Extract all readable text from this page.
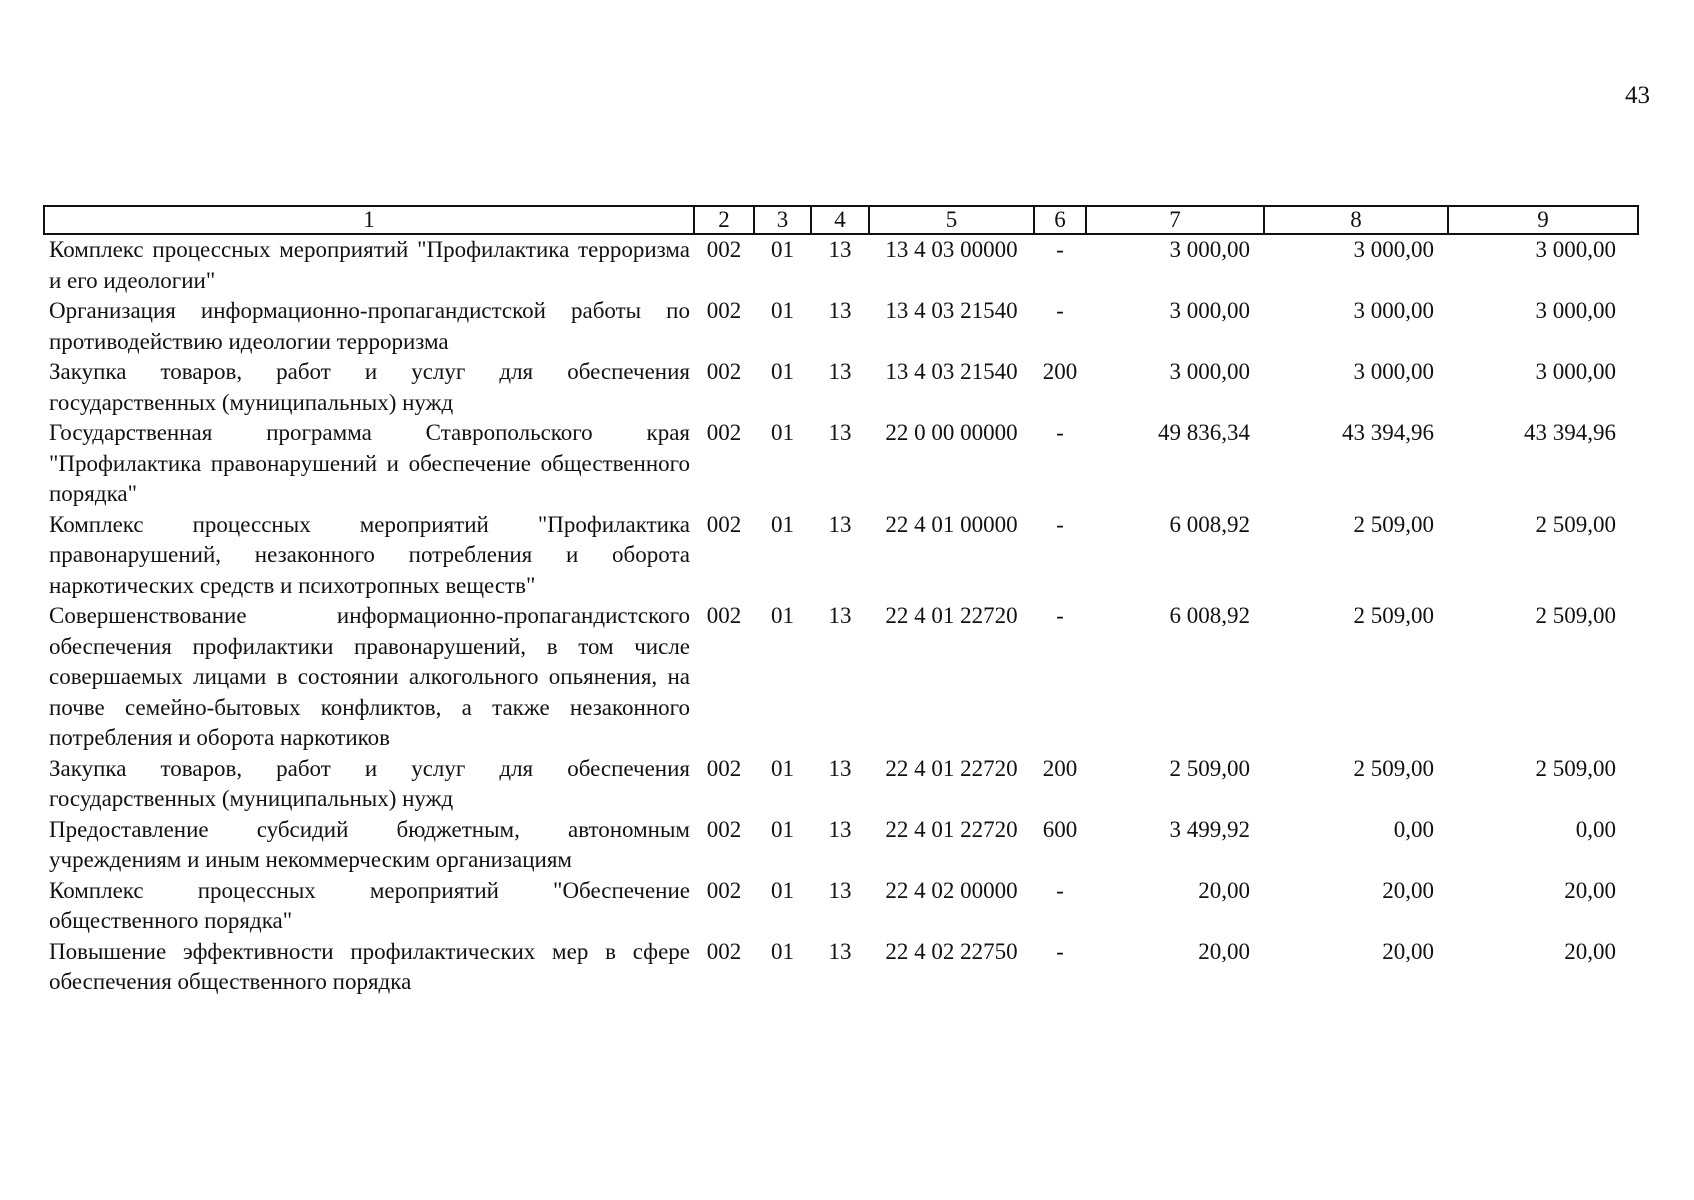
43
1	2	3	4	5	6	7	8	9
Комплекс процессных мероприятий "Профилактика терроризма и его идеологии"	002	01	13	13 4 03 00000	-	3 000,00	3 000,00	3 000,00
Организация информационно-пропагандистской работы по противодействию идеологии терроризма	002	01	13	13 4 03 21540	-	3 000,00	3 000,00	3 000,00
Закупка товаров, работ и услуг для обеспечения государственных (муниципальных) нужд	002	01	13	13 4 03 21540	200	3 000,00	3 000,00	3 000,00
Государственная программа Ставропольского края "Профилактика правонарушений и обеспечение общественного порядка"	002	01	13	22 0 00 00000	-	49 836,34	43 394,96	43 394,96
Комплекс процессных мероприятий "Профилактика правонарушений, незаконного потребления и оборота наркотических средств и психотропных веществ"	002	01	13	22 4 01 00000	-	6 008,92	2 509,00	2 509,00
Совершенствование информационно-пропагандистского обеспечения профилактики правонарушений, в том числе совершаемых лицами в состоянии алкогольного опьянения, на почве семейно-бытовых конфликтов, а также незаконного потребления и оборота наркотиков	002	01	13	22 4 01 22720	-	6 008,92	2 509,00	2 509,00
Закупка товаров, работ и услуг для обеспечения государственных (муниципальных) нужд	002	01	13	22 4 01 22720	200	2 509,00	2 509,00	2 509,00
Предоставление субсидий бюджетным, автономным учреждениям и иным некоммерческим организациям	002	01	13	22 4 01 22720	600	3 499,92	0,00	0,00
Комплекс процессных мероприятий "Обеспечение общественного порядка"	002	01	13	22 4 02 00000	-	20,00	20,00	20,00
Повышение эффективности профилактических мер в сфере обеспечения общественного порядка	002	01	13	22 4 02 22750	-	20,00	20,00	20,00
